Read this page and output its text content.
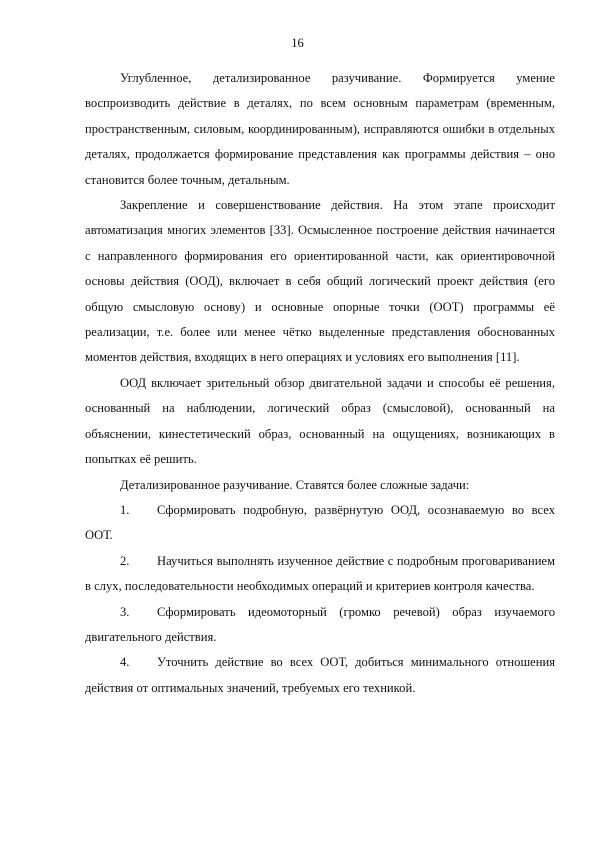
16

Углубленное, детализированное разучивание. Формируется умение воспроизводить действие в деталях, по всем основным параметрам (временным, пространственным, силовым, координированным), исправляются ошибки в отдельных деталях, продолжается формирование представления как программы действия – оно становится более точным, детальным.

Закрепление и совершенствование действия. На этом этапе происходит автоматизация многих элементов [33]. Осмысленное построение действия начинается с направленного формирования его ориентированной части, как ориентировочной основы действия (ООД), включает в себя общий логический проект действия (его общую смысловую основу) и основные опорные точки (ООТ) программы её реализации, т.е. более или менее чётко выделенные представления обоснованных моментов действия, входящих в него операциях и условиях его выполнения [11].

ООД включает зрительный обзор двигательной задачи и способы её решения, основанный на наблюдении, логический образ (смысловой), основанный на объяснении, кинестетический образ, основанный на ощущениях, возникающих в попытках её решить.

Детализированное разучивание. Ставятся более сложные задачи:

1. Сформировать подробную, развёрнутую ООД, осознаваемую во всех ООТ.
2. Научиться выполнять изученное действие с подробным проговариванием в слух, последовательности необходимых операций и критериев контроля качества.
3. Сформировать идеомоторный (громко речевой) образ изучаемого двигательного действия.
4. Уточнить действие во всех ООТ, добиться минимального отношения действия от оптимальных значений, требуемых его техникой.
